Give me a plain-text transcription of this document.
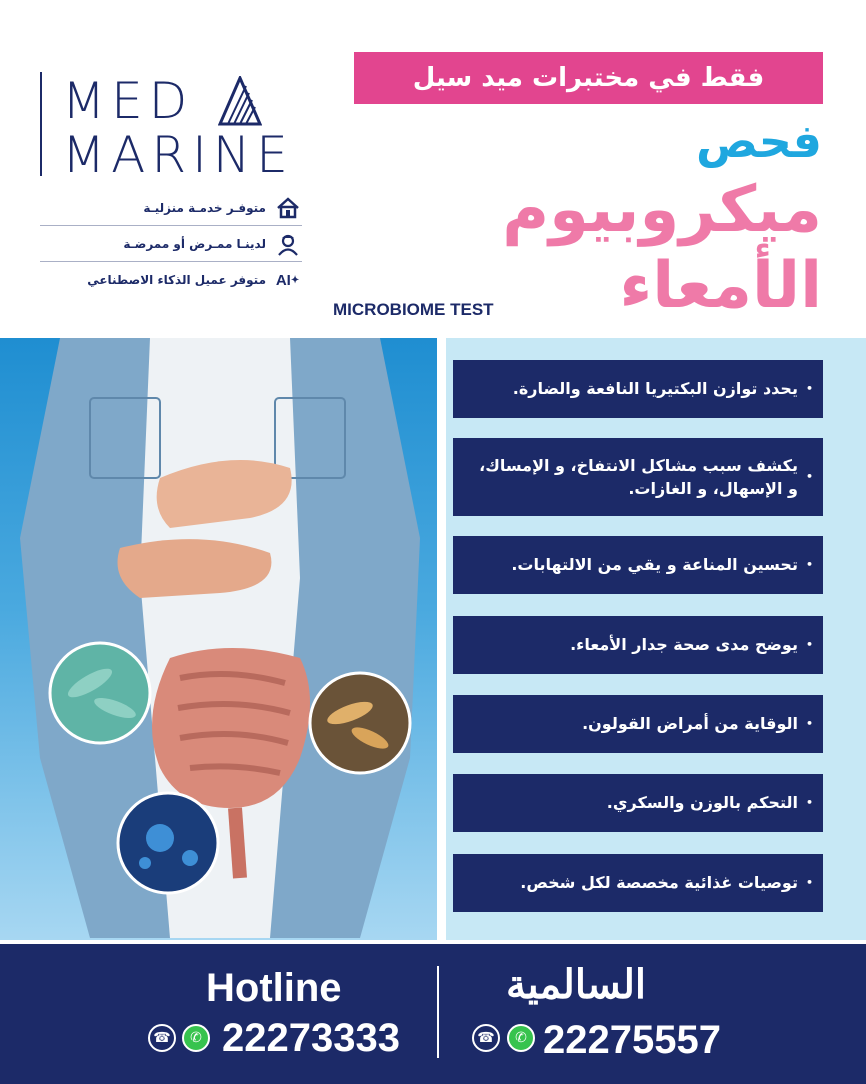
MED
MARINE
متوفـر خدمـة منزليـة
لدينـا ممـرض أو ممرضـة
✦
AI
متوفر عميل الذكاء الاصطناعي
فقط في مختبرات ميد سيل
فحص
ميكروبيوم
الأمعاء
MICROBIOME TEST
•
يحدد توازن البكتيريا النافعة والضارة.
•
يكشف سبب مشاكل الانتفاخ، و الإمساك، و الإسهال، و الغازات.
•
تحسين المناعة و يقي من الالتهابات.
•
يوضح مدى صحة جدار الأمعاء.
•
الوقاية من أمراض القولون.
•
التحكم بالوزن والسكري.
•
توصيات غذائية مخصصة لكل شخص.
Hotline	السالمية
☎	✆ 22273333	☎	✆ 22275557
